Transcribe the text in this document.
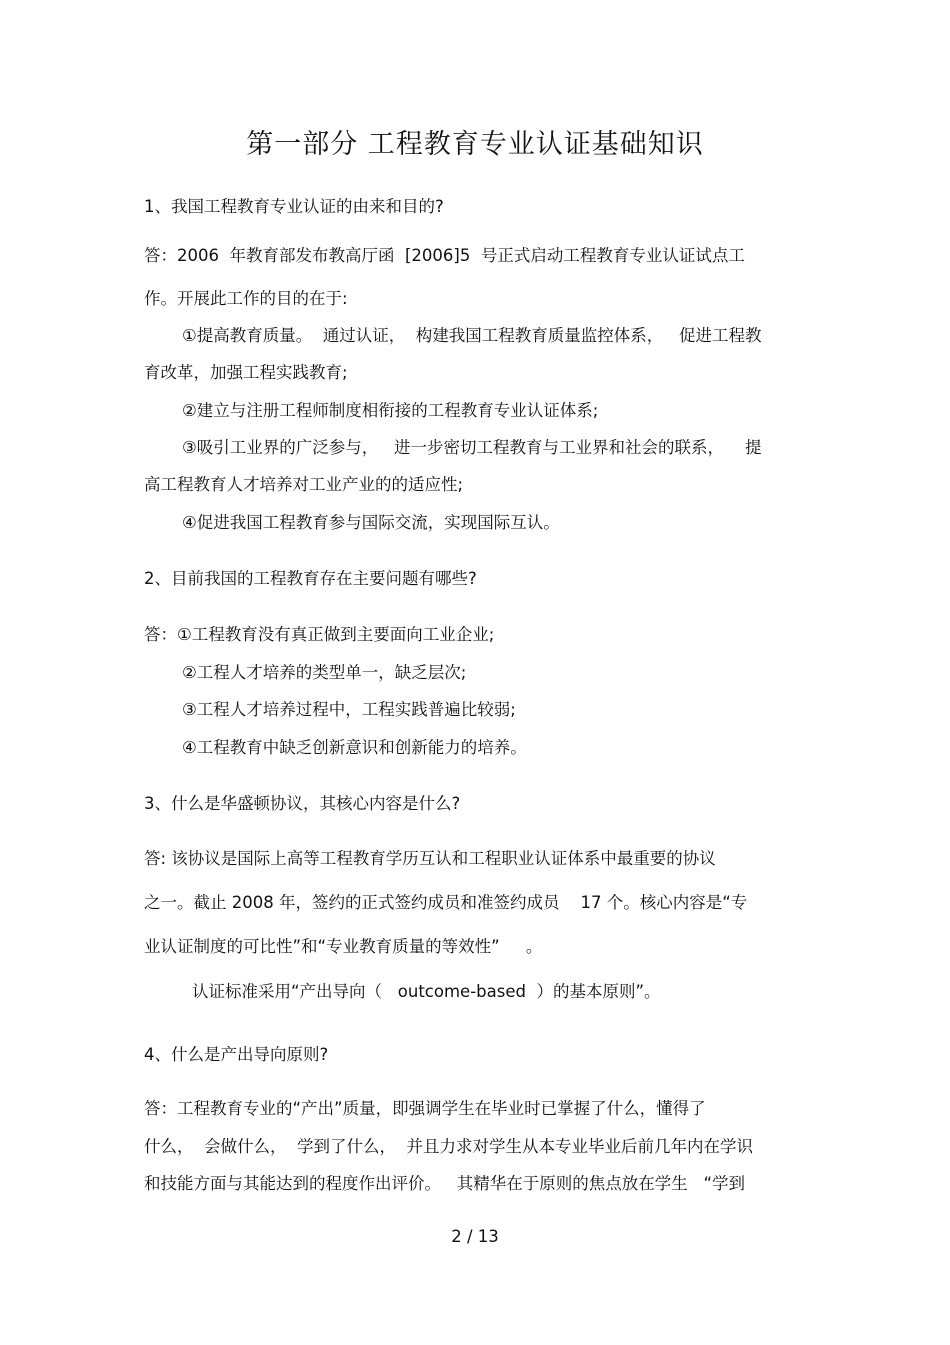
第一部分 工程教育专业认证基础知识
1、我国工程教育专业认证的由来和目的?
答：2006  年教育部发布教高厅函  [2006]5  号正式启动工程教育专业认证试点工
作。开展此工作的目的在于:
①提高教育质量。  通过认证，  构建我国工程教育质量监控体系，   促进工程教
育改革，加强工程实践教育;
②建立与注册工程师制度相衔接的工程教育专业认证体系;
③吸引工业界的广泛参与，   进一步密切工程教育与工业界和社会的联系，    提
高工程教育人才培养对工业产业的的适应性;
④促进我国工程教育参与国际交流，实现国际互认。
2、目前我国的工程教育存在主要问题有哪些?
答：①工程教育没有真正做到主要面向工业企业;
②工程人才培养的类型单一，缺乏层次;
③工程人才培养过程中，工程实践普遍比较弱;
④工程教育中缺乏创新意识和创新能力的培养。
3、什么是华盛顿协议，其核心内容是什么?
答: 该协议是国际上高等工程教育学历互认和工程职业认证体系中最重要的协议
之一。截止 2008 年，签约的正式签约成员和准签约成员    17 个。核心内容是“专
业认证制度的可比性”和“专业教育质量的等效性”     。
认证标准采用“产出导向（   outcome-based  ）的基本原则”。
4、什么是产出导向原则?
答：工程教育专业的“产出”质量，即强调学生在毕业时已掌握了什么，懂得了
什么，  会做什么，  学到了什么，  并且力求对学生从本专业毕业后前几年内在学识
和技能方面与其能达到的程度作出评价。   其精华在于原则的焦点放在学生   “学到
2 / 13
